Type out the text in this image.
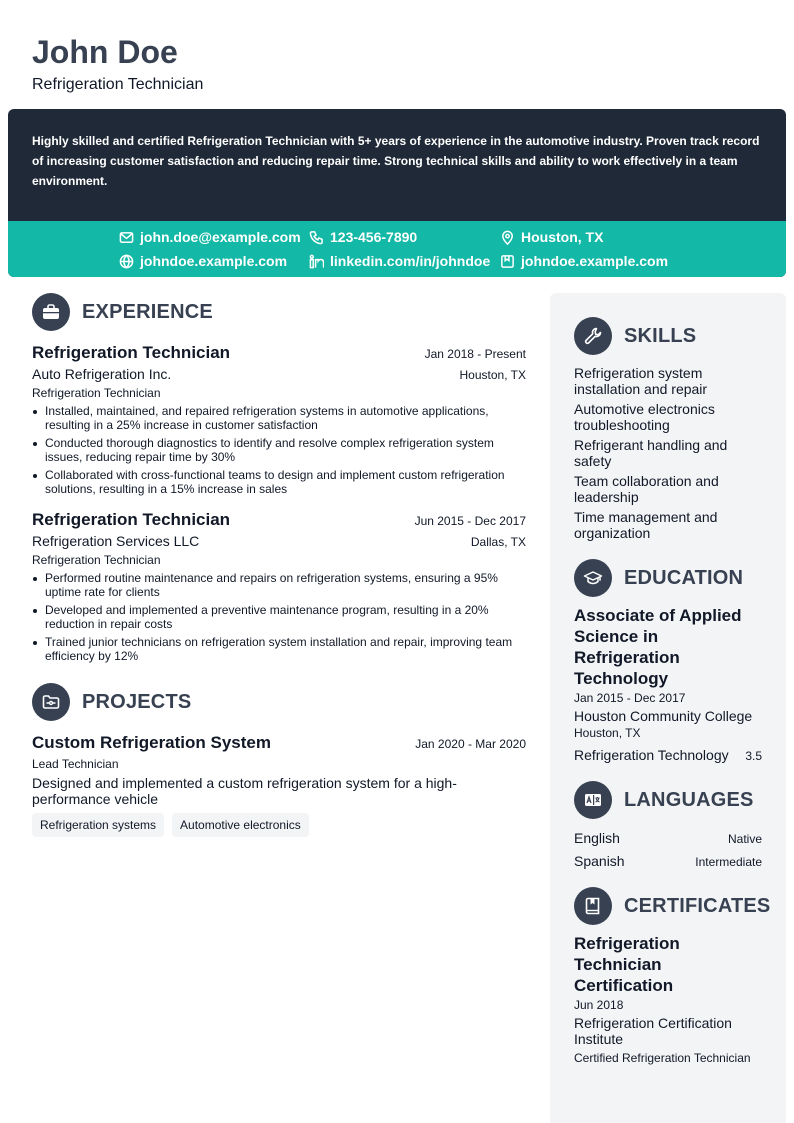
John Doe
Refrigeration Technician
Highly skilled and certified Refrigeration Technician with 5+ years of experience in the automotive industry. Proven track record of increasing customer satisfaction and reducing repair time. Strong technical skills and ability to work effectively in a team environment.
john.doe@example.com 123-456-7890	Houston, TX
johndoe.example.com	linkedin.com/in/johndoe johndoe.example.com
EXPERIENCE
Refrigeration Technician	Jan 2018 - Present
Auto Refrigeration Inc.	Houston, TX
Refrigeration Technician
Installed, maintained, and repaired refrigeration systems in automotive applications, resulting in a 25% increase in customer satisfaction
Conducted thorough diagnostics to identify and resolve complex refrigeration system issues, reducing repair time by 30%
Collaborated with cross-functional teams to design and implement custom refrigeration solutions, resulting in a 15% increase in sales
Refrigeration Technician	Jun 2015 - Dec 2017
Refrigeration Services LLC	Dallas, TX
Refrigeration Technician
Performed routine maintenance and repairs on refrigeration systems, ensuring a 95% uptime rate for clients
Developed and implemented a preventive maintenance program, resulting in a 20% reduction in repair costs
Trained junior technicians on refrigeration system installation and repair, improving team efficiency by 12%
PROJECTS
Custom Refrigeration System	Jan 2020 - Mar 2020
Lead Technician
Designed and implemented a custom refrigeration system for a high-performance vehicle
Refrigeration systems	Automotive electronics
SKILLS
Refrigeration system installation and repair
Automotive electronics troubleshooting
Refrigerant handling and safety
Team collaboration and leadership
Time management and organization
EDUCATION
Associate of Applied Science in Refrigeration Technology
Jan 2015 - Dec 2017
Houston Community College
Houston, TX
Refrigeration Technology 3.5
LANGUAGES
English	Native
Spanish	Intermediate
CERTIFICATES
Refrigeration Technician Certification
Jun 2018
Refrigeration Certification Institute
Certified Refrigeration Technician
